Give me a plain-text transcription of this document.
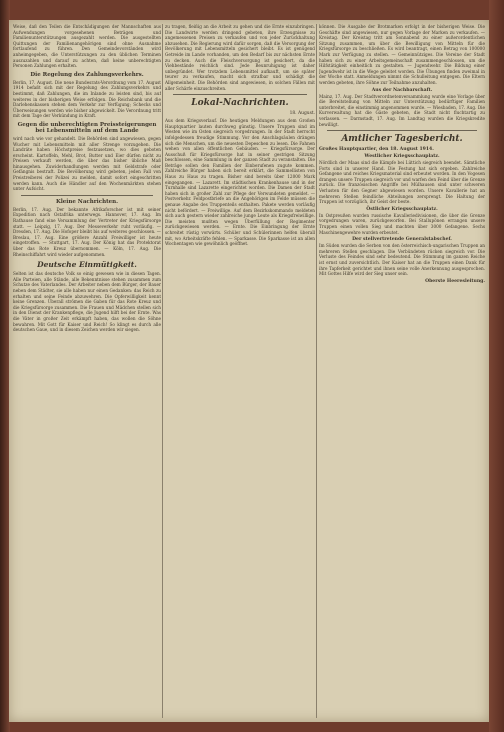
Weise, daß den Teilen die Entschädigungen der Mannschaften aus Aufwendungen vorgesehenen Beträgen und Familienunterstützungen ausgezahlt werden. Die ausgestellten Quittungen der Familienangehörigen sind ohne Ausnahme fortlaufend zu führen. Den Gemeindevorständen wird anheimgegeben, die Unterstützungen zu den üblichen Terminen auszuzahlen und darauf zu achten, daß keine unberechtigten Personen Zahlungen erhalten.

Die Regelung des Zahlungsverkehrs.

Berlin, 17. August. Die neue Bundesrats-Verordnung vom 17. August 1914 befaßt sich mit der Regelung des Zahlungsverkehrs und bestimmt, daß Zahlungen, die im Inlande zu leisten sind, bis auf weiteres in der bisherigen Weise erfolgen. Die Reichsbank und die Darlehenskassen stehen dem Verkehr zur Verfügung; Schecks und Überweisungen werden wie bisher abgewickelt. Die Verordnung tritt mit dem Tage der Verkündung in Kraft.

Gegen die unberechtigten Preissteigerungen bei Lebensmitteln auf dem Lande

wird nach wie vor gehandelt. Die Behörden sind angewiesen, gegen Wucher mit Lebensmitteln mit aller Strenge vorzugehen. Die Landräte haben Höchstpreise festzusetzen, wo dies geboten erscheint. Kartoffeln, Mehl, Brot, Butter und Eier dürfen nicht zu Preisen verkauft werden, die über das bisher übliche Maß hinausgehen. Zuwiderhandlungen werden mit Geldstrafe oder Gefängnis bestraft. Die Bevölkerung wird gebeten, jeden Fall von Preistreiberei der Polizei zu melden, damit sofort eingeschritten werden kann. Auch die Händler auf den Wochenmärkten stehen unter Aufsicht.

Kleine Nachrichten.

Berlin, 17. Aug. Der bekannte Afrikaforscher ist mit seiner Expedition nach Ostafrika unterwegs. Hannover, 17. Aug. Im Rathause fand eine Versammlung der Vertreter der Kriegsfürsorge statt. — Leipzig, 17. Aug. Der Messeverkehr ruht vorläufig. — Dresden, 17. Aug. Die Hofoper bleibt bis auf weiteres geschlossen. — Breslau, 17. Aug. Eine größere Anzahl Freiwilliger ist heute eingetroffen. — Stuttgart, 17. Aug. Der König hat das Protektorat über das Rote Kreuz übernommen. — Köln, 17. Aug. Die Rheinschiffahrt wird wieder aufgenommen.

Deutsche Einmütigkeit.

Selten ist das deutsche Volk so einig gewesen wie in diesen Tagen. Alle Parteien, alle Stände, alle Bekenntnisse stehen zusammen zum Schutze des Vaterlandes. Der Arbeiter neben dem Bürger, der Bauer neben dem Städter, sie alle haben nur einen Gedanken: das Reich zu erhalten und seine Feinde abzuwehren. Die Opferwilligkeit kennt keine Grenzen. Überall strömen die Gaben für das Rote Kreuz und die Kriegsfürsorge zusammen. Die Frauen und Mädchen stellen sich in den Dienst der Krankenpflege, die Jugend hilft bei der Ernte. Was die Väter in großer Zeit erkämpft haben, das wollen die Söhne bewahren. Mit Gott für Kaiser und Reich! So klingt es durch alle deutschen Gaue, und in diesem Zeichen werden wir siegen.

zu tragen, fleißig an die Arbeit zu gehen und die Ernte einzubringen. Die Landwirte werden dringend gebeten, ihre Erzeugnisse zu angemessenen Preisen zu verkaufen und von jeder Zurückhaltung abzusehen. Die Regierung wird dafür sorgen, daß die Versorgung der Bevölkerung mit Lebensmitteln gesichert bleibt. Es ist genügend Getreide im Lande vorhanden, um den Bedarf bis zur nächsten Ernte zu decken. Auch die Fleischversorgung ist gesichert, da die Viehbestände reichlich sind. Jede Beunruhigung ist daher unbegründet. Wer trotzdem Lebensmittel aufkauft, um sie später teurer zu verkaufen, macht sich strafbar und schädigt die Allgemeinheit. Die Behörden sind angewiesen, in solchen Fällen mit aller Schärfe einzuschreiten.

Lokal-Nachrichten.
18. August.

Aus dem Kriegsverlauf. Die heutigen Meldungen aus dem Großen Hauptquartier lauten durchweg günstig. Unsere Truppen sind im Westen wie im Osten siegreich vorgedrungen. In der Stadt herrscht infolgedessen freudige Stimmung. Vor den Anschlagsäulen drängen sich die Menschen, um die neuesten Depeschen zu lesen. Die Fahnen wehen von allen öffentlichen Gebäuden. — Kriegsfürsorge. Der Ausschuß für Kriegsfürsorge hat in seiner gestrigen Sitzung beschlossen, eine Sammlung in der ganzen Stadt zu veranstalten. Die Beträge sollen den Familien der Einberufenen zugute kommen. Zahlreiche Bürger haben sich bereit erklärt, die Sammellisten von Haus zu Haus zu tragen. Bisher sind bereits über 12000 Mark eingegangen. — Lazarett. Im städtischen Krankenhause und in der Turnhalle sind Lazarette eingerichtet worden. Die Damen der Stadt haben sich in großer Zahl zur Pflege der Verwundeten gemeldet. — Postverkehr. Feldpostbriefe an die Angehörigen im Felde müssen die genaue Angabe des Truppenteils enthalten. Pakete werden vorläufig nicht befördert. — Freiwillige. Auf dem Bezirkskommando meldeten sich auch gestern wieder zahlreiche junge Leute als Kriegsfreiwillige. Die meisten mußten wegen Überfüllung der Regimenter zurückgewiesen werden. — Ernte. Die Einbringung der Ernte schreitet rüstig vorwärts. Schüler und Schülerinnen helfen überall mit, wo Arbeitskräfte fehlen. — Sparkasse. Die Sparkasse ist an allen Wochentagen wie gewöhnlich geöffnet.

können. Die Ausgabe der Brotmarken erfolgt in der bisherigen Weise. Die Geschäfte sind angewiesen, nur gegen Vorlage der Marken zu verkaufen. — Kreistag. Der Kreistag tritt am Sonnabend zu einer außerordentlichen Sitzung zusammen, um über die Bewilligung von Mitteln für die Kriegsfürsorge zu beschließen. Es wird beantragt, einen Betrag von 100000 Mark zur Verfügung zu stellen. — Gemeinnütziges. Die Vereine der Stadt haben sich zu einer Arbeitsgemeinschaft zusammengeschlossen, um die Hilfstätigkeit einheitlich zu gestalten. — Jugendwehr. Die Bildung einer Jugendwehr ist in die Wege geleitet worden. Die Übungen finden zweimal in der Woche statt. Anmeldungen nimmt die Schulleitung entgegen. Die Eltern werden gebeten, ihre Söhne zur Teilnahme anzuhalten.

Aus der Nachbarschaft.

Mainz, 17. Aug. Der Stadtverordnetenversammlung wurde eine Vorlage über die Bereitstellung von Mitteln zur Unterstützung bedürftiger Familien unterbreitet, die einstimmig angenommen wurde. — Wiesbaden, 17. Aug. Die Kurverwaltung hat die Gäste gebeten, die Stadt nicht fluchtartig zu verlassen. — Darmstadt, 17. Aug. Im Landtag wurden die Kriegskredite bewilligt.

Amtlicher Tagesbericht.
Großes Hauptquartier, den 18. August 1914.
Westlicher Kriegsschauplatz.

Nördlich der Maas sind die Kämpfe bei Lüttich siegreich beendet. Sämtliche Forts sind in unserer Hand. Die Festung hat sich ergeben. Zahlreiche Gefangene und reiches Kriegsmaterial sind erbeutet worden. In den Vogesen drangen unsere Truppen siegreich vor und warfen den Feind über die Grenze zurück. Die französischen Angriffe bei Mülhausen sind unter schweren Verlusten für den Gegner abgewiesen worden. Unsere Kavallerie hat an mehreren Stellen feindliche Abteilungen zersprengt. Die Haltung der Truppen ist vorzüglich, ihr Geist der beste.

Östlicher Kriegsschauplatz.

In Ostpreußen wurden russische Kavalleriedivisionen, die über die Grenze vorgedrungen waren, zurückgeworfen. Bei Stallupönen errangen unsere Truppen einen vollen Sieg und machten über 3000 Gefangene. Sechs Maschinengewehre wurden erbeutet.

Der stellvertretende Generalstabschef.

Im Süden wurden die Serben von den österreichisch-ungarischen Truppen an mehreren Stellen geschlagen. Die Verbündeten rücken siegreich vor. Die Verluste des Feindes sind sehr bedeutend. Die Stimmung im ganzen Reiche ist ernst und zuversichtlich. Der Kaiser hat an die Truppen einen Dank für ihre Tapferkeit gerichtet und ihnen seine volle Anerkennung ausgesprochen. Mit Gottes Hilfe wird der Sieg unser sein.

Oberste Heeresleitung.
